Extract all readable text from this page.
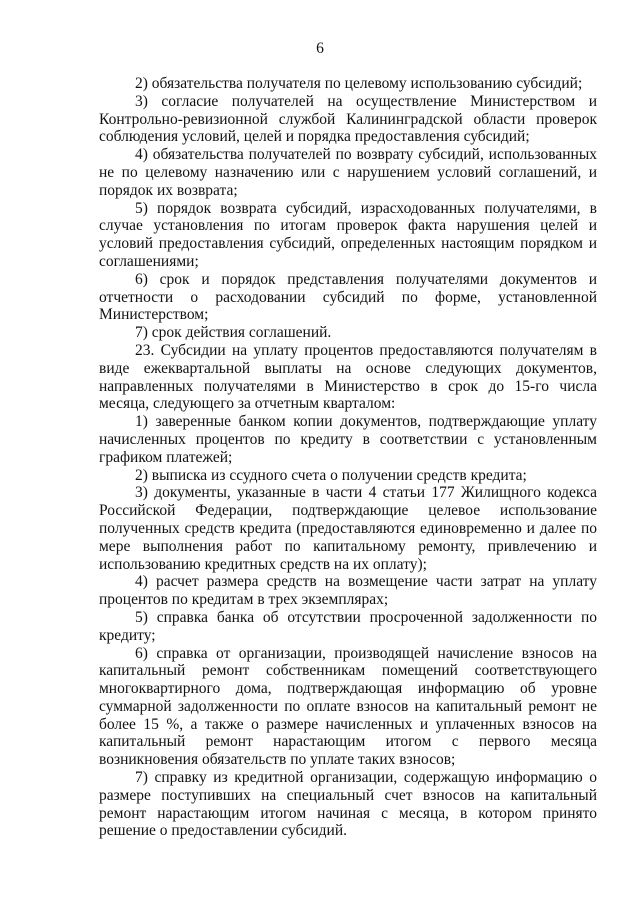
6

2) обязательства получателя по целевому использованию субсидий;

3) согласие получателей на осуществление Министерством и Контрольно-ревизионной службой Калининградской области проверок соблюдения условий, целей и порядка предоставления субсидий;

4) обязательства получателей по возврату субсидий, использованных не по целевому назначению или с нарушением условий соглашений, и порядок их возврата;

5) порядок возврата субсидий, израсходованных получателями, в случае установления по итогам проверок факта нарушения целей и условий предоставления субсидий, определенных настоящим порядком и соглашениями;

6) срок и порядок представления получателями документов и отчетности о расходовании субсидий по форме, установленной Министерством;

7) срок действия соглашений.

23. Субсидии на уплату процентов предоставляются получателям в виде ежеквартальной выплаты на основе следующих документов, направленных получателями в Министерство в срок до 15-го числа месяца, следующего за отчетным кварталом:

1) заверенные банком копии документов, подтверждающие уплату начисленных процентов по кредиту в соответствии с установленным графиком платежей;

2) выписка из ссудного счета о получении средств кредита;

3) документы, указанные в части 4 статьи 177 Жилищного кодекса Российской Федерации, подтверждающие целевое использование полученных средств кредита (предоставляются единовременно и далее по мере выполнения работ по капитальному ремонту, привлечению и использованию кредитных средств на их оплату);

4) расчет размера средств на возмещение части затрат на уплату процентов по кредитам в трех экземплярах;

5) справка банка об отсутствии просроченной задолженности по кредиту;

6) справка от организации, производящей начисление взносов на капитальный ремонт собственникам помещений соответствующего многоквартирного дома, подтверждающая информацию об уровне суммарной задолженности по оплате взносов на капитальный ремонт не более 15 %, а также о размере начисленных и уплаченных взносов на капитальный ремонт нарастающим итогом с первого месяца возникновения обязательств по уплате таких взносов;

7) справку из кредитной организации, содержащую информацию о размере поступивших на специальный счет взносов на капитальный ремонт нарастающим итогом начиная с месяца, в котором принято решение о предоставлении субсидий.
